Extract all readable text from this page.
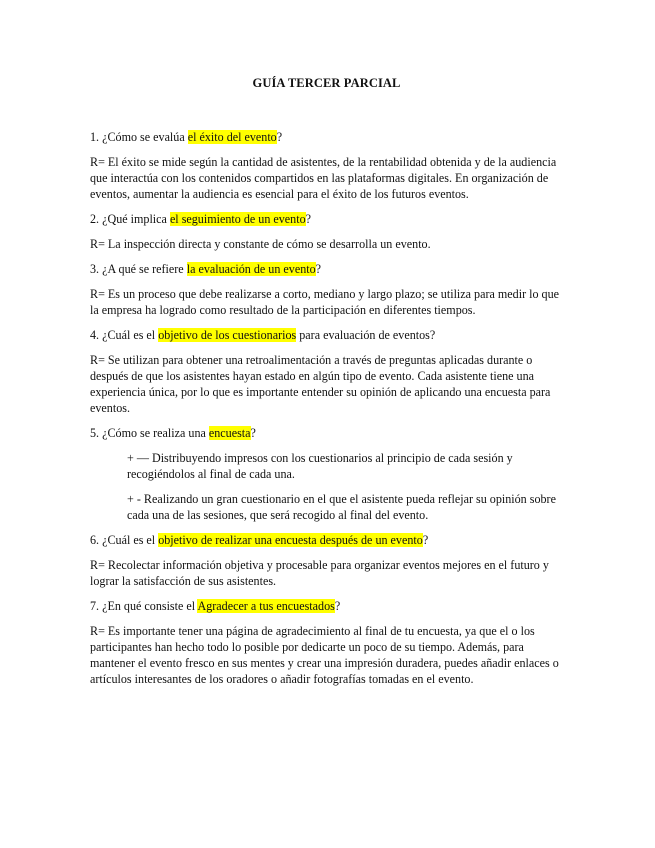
GUÍA TERCER PARCIAL

1. ¿Cómo se evalúa el éxito del evento?

R= El éxito se mide según la cantidad de asistentes, de la rentabilidad obtenida y de la audiencia que interactúa con los contenidos compartidos en las plataformas digitales. En organización de eventos, aumentar la audiencia es esencial para el éxito de los futuros eventos.

2. ¿Qué implica el seguimiento de un evento?

R= La inspección directa y constante de cómo se desarrolla un evento.

3. ¿A qué se refiere la evaluación de un evento?

R= Es un proceso que debe realizarse a corto, mediano y largo plazo; se utiliza para medir lo que la empresa ha logrado como resultado de la participación en diferentes tiempos.

4. ¿Cuál es el objetivo de los cuestionarios para evaluación de eventos?

R= Se utilizan para obtener una retroalimentación a través de preguntas aplicadas durante o después de que los asistentes hayan estado en algún tipo de evento. Cada asistente tiene una experiencia única, por lo que es importante entender su opinión de aplicando una encuesta para eventos.

5. ¿Cómo se realiza una encuesta?

+ — Distribuyendo impresos con los cuestionarios al principio de cada sesión y recogiéndolos al final de cada una.

+ - Realizando un gran cuestionario en el que el asistente pueda reflejar su opinión sobre cada una de las sesiones, que será recogido al final del evento.

6. ¿Cuál es el objetivo de realizar una encuesta después de un evento?

R= Recolectar información objetiva y procesable para organizar eventos mejores en el futuro y lograr la satisfacción de sus asistentes.

7. ¿En qué consiste el Agradecer a tus encuestados?

R= Es importante tener una página de agradecimiento al final de tu encuesta, ya que el o los participantes han hecho todo lo posible por dedicarte un poco de su tiempo. Además, para mantener el evento fresco en sus mentes y crear una impresión duradera, puedes añadir enlaces o artículos interesantes de los oradores o añadir fotografías tomadas en el evento.
